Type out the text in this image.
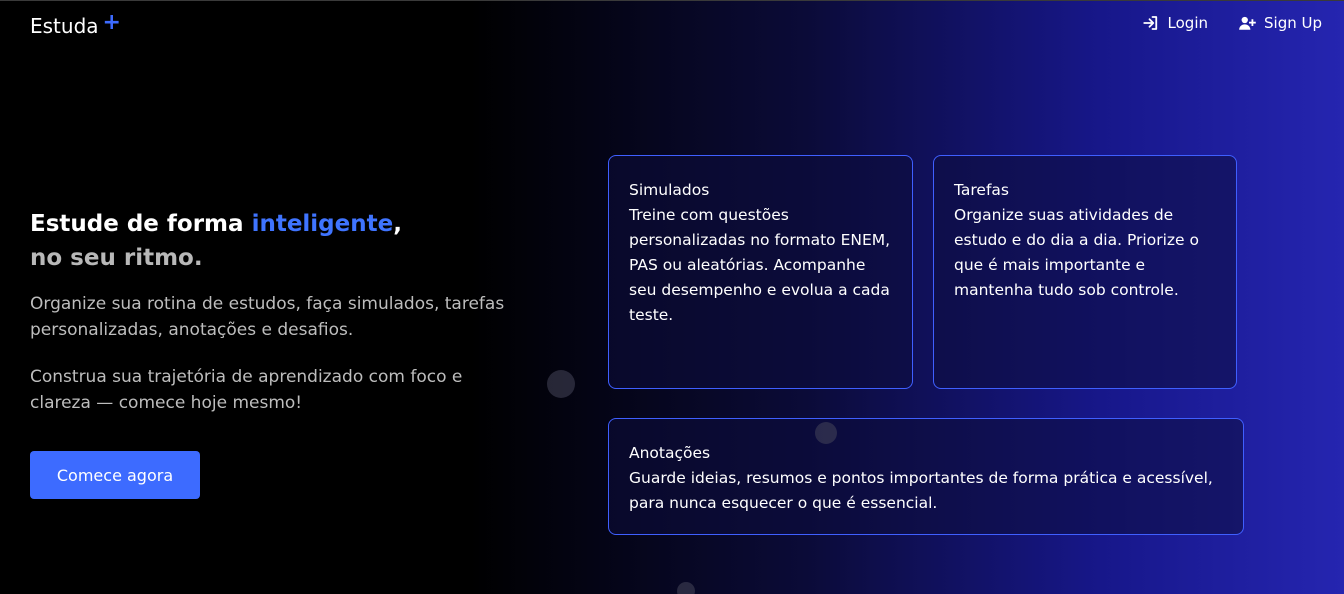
Estuda +	Login	Sign Up
Estude de forma inteligente,
no seu ritmo.

Organize sua rotina de estudos, faça simulados, tarefas personalizadas, anotações e desafios.

Construa sua trajetória de aprendizado com foco e clareza — comece hoje mesmo!

Comece agora
Simulados
Treine com questões personalizadas no formato ENEM, PAS ou aleatórias. Acompanhe seu desempenho e evolua a cada teste.
Tarefas
Organize suas atividades de estudo e do dia a dia. Priorize o que é mais importante e mantenha tudo sob controle.
Anotações
Guarde ideias, resumos e pontos importantes de forma prática e acessível, para nunca esquecer o que é essencial.
